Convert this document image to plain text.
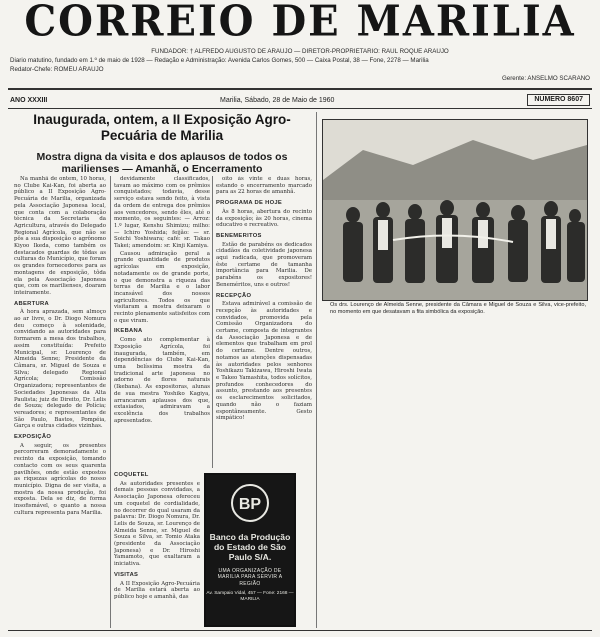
CORREIO DE MARILIA
FUNDADOR: † ALFREDO AUGUSTO DE ARAUJO — DIRETOR-PROPRIETARIO: RAUL ROQUE ARAUJO
Diario matutino, fundado em 1.º de maio de 1928 — Redação e Administração: Avenida Carlos Gomes, 500 — Caixa Postal, 38 — Fone, 2278 — Marilia
Redator-Chefe: ROMEU ARAUJO
Gerente: ANSELMO SCARANO
ANO XXXIII	Marilia, Sábado, 28 de Maio de 1960	NUMERO 8607
Inaugurada, ontem, a II Exposição Agro-Pecuária de Marilia
Mostra digna da visita e dos aplausos de todos os marilienses — Amanhã, o Encerramento

Na manhã de ontem, 10 horas, no Clube Kai-Kan, foi aberta ao público a II Exposição Agro-Pecuária de Marilia, organizada pela Associação Japonesa local, que conta com a colaboração técnica da Secretaria da Agricultura, através do Delegado Regional Agrícola, que não se pôs a sua disposição o agrônomo Kiyoo Ikeda, como também os destacados guardas de tôdas as culturas do Município, que foram os grandes fornecedores para as montagens de exposição, tôda ela pela Associação Japonesa que, com os marilienses, doaram inteiramente.

ABERTURA

À hora aprazada, sem almoço ao ar livre, o Dr. Diogo Nomura deu começo à solenidade, convidando as autoridades para formarem a mesa dos trabalhos, assim constituída: Prefeito Municipal, sr. Lourenço de Almeida Senne; Presidente da Câmara, sr. Miguel de Souza e Silva; delegado Regional Agrícola; Comissão Organizadora; representantes de Sociedades Japonesas da Alta Paulista; juiz de Direito, Dr. Lelis de Souza; delegado de Polícia; vereadores; e representantes de São Paulo, Bastos, Pompéia, Garça e outras cidades vizinhas.

EXPOSIÇÃO

A seguir, os presentes percorreram demoradamente o recinto da exposição, tomando contacto com os seus quarenta pavilhões, onde estão expostos as riquezas agrícolas do nosso município. Digna de ser visita, a mostra da nossa produção, foi exposta. Dela se diz, de forma insofismável, o quanto a nossa cultura representa para Marilia.

devidamente classificados, tavam ao máximo com os prêmios conquistados; todavia, desse serviço estava sendo feito, à vista da ordem de entrega dos prêmios aos vencedores, sendo êles, até o momento, os seguintes: — Arroz: 1.º lugar, Kenshu Shimizu; milho: — Ichiro Yoshida; feijão: — sr. Soichi Yoshiwara; café: sr. Takao Takei; amendoim: sr. Kinji Kamiya.

Causou admiração geral a grande quantidade de produtos agrícolas em exposição, notadamente os de grande porte, o que demonstra a riqueza das terras de Marilia e o labor incansável dos nossos agricultores. Todos os que visitaram a mostra deixaram o recinto plenamente satisfeitos com o que viram.

IKEBANA

Como ato complementar à Exposição Agrícola, foi inaugurada, também, em dependências do Clube Kai-Kan, uma belíssima mostra da tradicional arte japonesa no adorno de flores naturais (Ikebana). As expositoras, alunas de sua mestra Yoshiko Kagiya, arrancaram aplausos dos que, extasiados, admiravam a excelência dos trabalhos apresentados.

COQUETEL

As autoridades presentes e demais pessoas convidadas, a Associação Japonesa ofereceu um coquetel de cordialidade, no decorrer do qual usaram da palavra: Dr. Diogo Nomura, Dr. Lelis de Souza, sr. Lourenço de Almeida Senne, sr. Miguel de Souza e Silva, sr. Tomio Ataka (presidente da Associação Japonesa) e Dr. Hiroshi Yamamoto, que exaltaram a iniciativa.

VISITAS

A II Exposição Agro-Pecuária de Marilia estará aberta ao público hoje e amanhã, das

oito às vinte e duas horas, estando o encerramento marcado para as 22 horas de amanhã.

PROGRAMA DE HOJE

Às 8 horas, abertura do recinto da exposição; às 20 horas, cinema educativo e recreativo.

BENEMERITOS

Estão de parabéns os dedicados cidadãos da coletividade japonesa aqui radicada, que promoveram êste certame de tamanha importância para Marilia. De parabéns os expositores! Beneméritos, uns e outros!

RECEPÇÃO

Estava admirável a comissão de recepção às autoridades e convidados, promovida pela Comissão Organizadora do certame, composta de integrantes da Associação Japonesa e de elementos que trabalham em prol do certame. Dentre outros, notamos as atenções dispensadas às autoridades pelos senhores Yoshikazu Takizawa, Hiroshi Iwata e Takeo Yamashita, todos solícitos, profundos conhecedores do assunto, prestando aos presentes os esclarecimentos solicitados, quando não o faziam espontâneamente. Gesto simpático!

Os drs. Lourenço de Almeida Senne, presidente da Câmara e Miguel de Souza e Silva, vice-prefeito, no momento em que desatavam a fita simbólica da exposição.
BP
Banco da Produção do Estado de São Paulo S/A.
UMA ORGANIZAÇÃO DE MARILIA PARA SERVIR A REGIÃO
Av. Sampaio Vidal, 457 — Fone: 2168 — MARILIA
